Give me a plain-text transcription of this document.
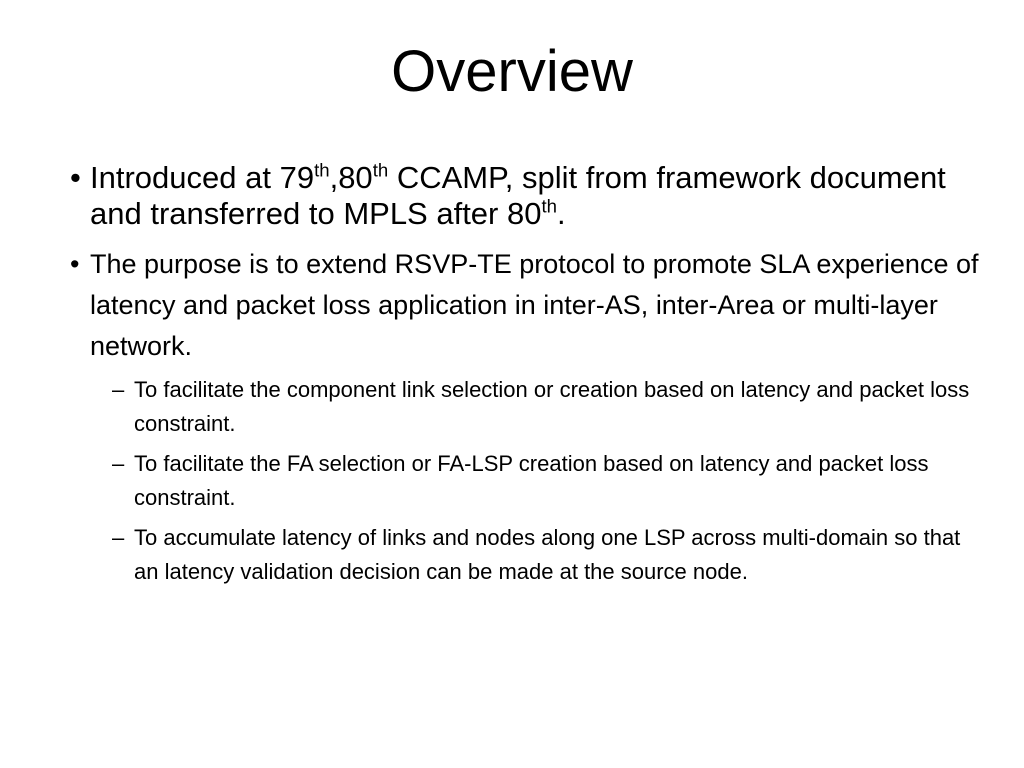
Overview
• Introduced at 79th,80th CCAMP, split from framework document and transferred to MPLS after 80th.
• The purpose is to extend RSVP-TE protocol to promote SLA experience of latency and packet loss application in inter-AS, inter-Area or multi-layer network.
– To facilitate the component link selection or creation based on latency and packet loss constraint.
– To facilitate the FA selection or FA-LSP creation based on latency and packet loss constraint.
– To accumulate latency of links and nodes along one LSP across multi-domain so that an latency validation decision can be made at the source node.
